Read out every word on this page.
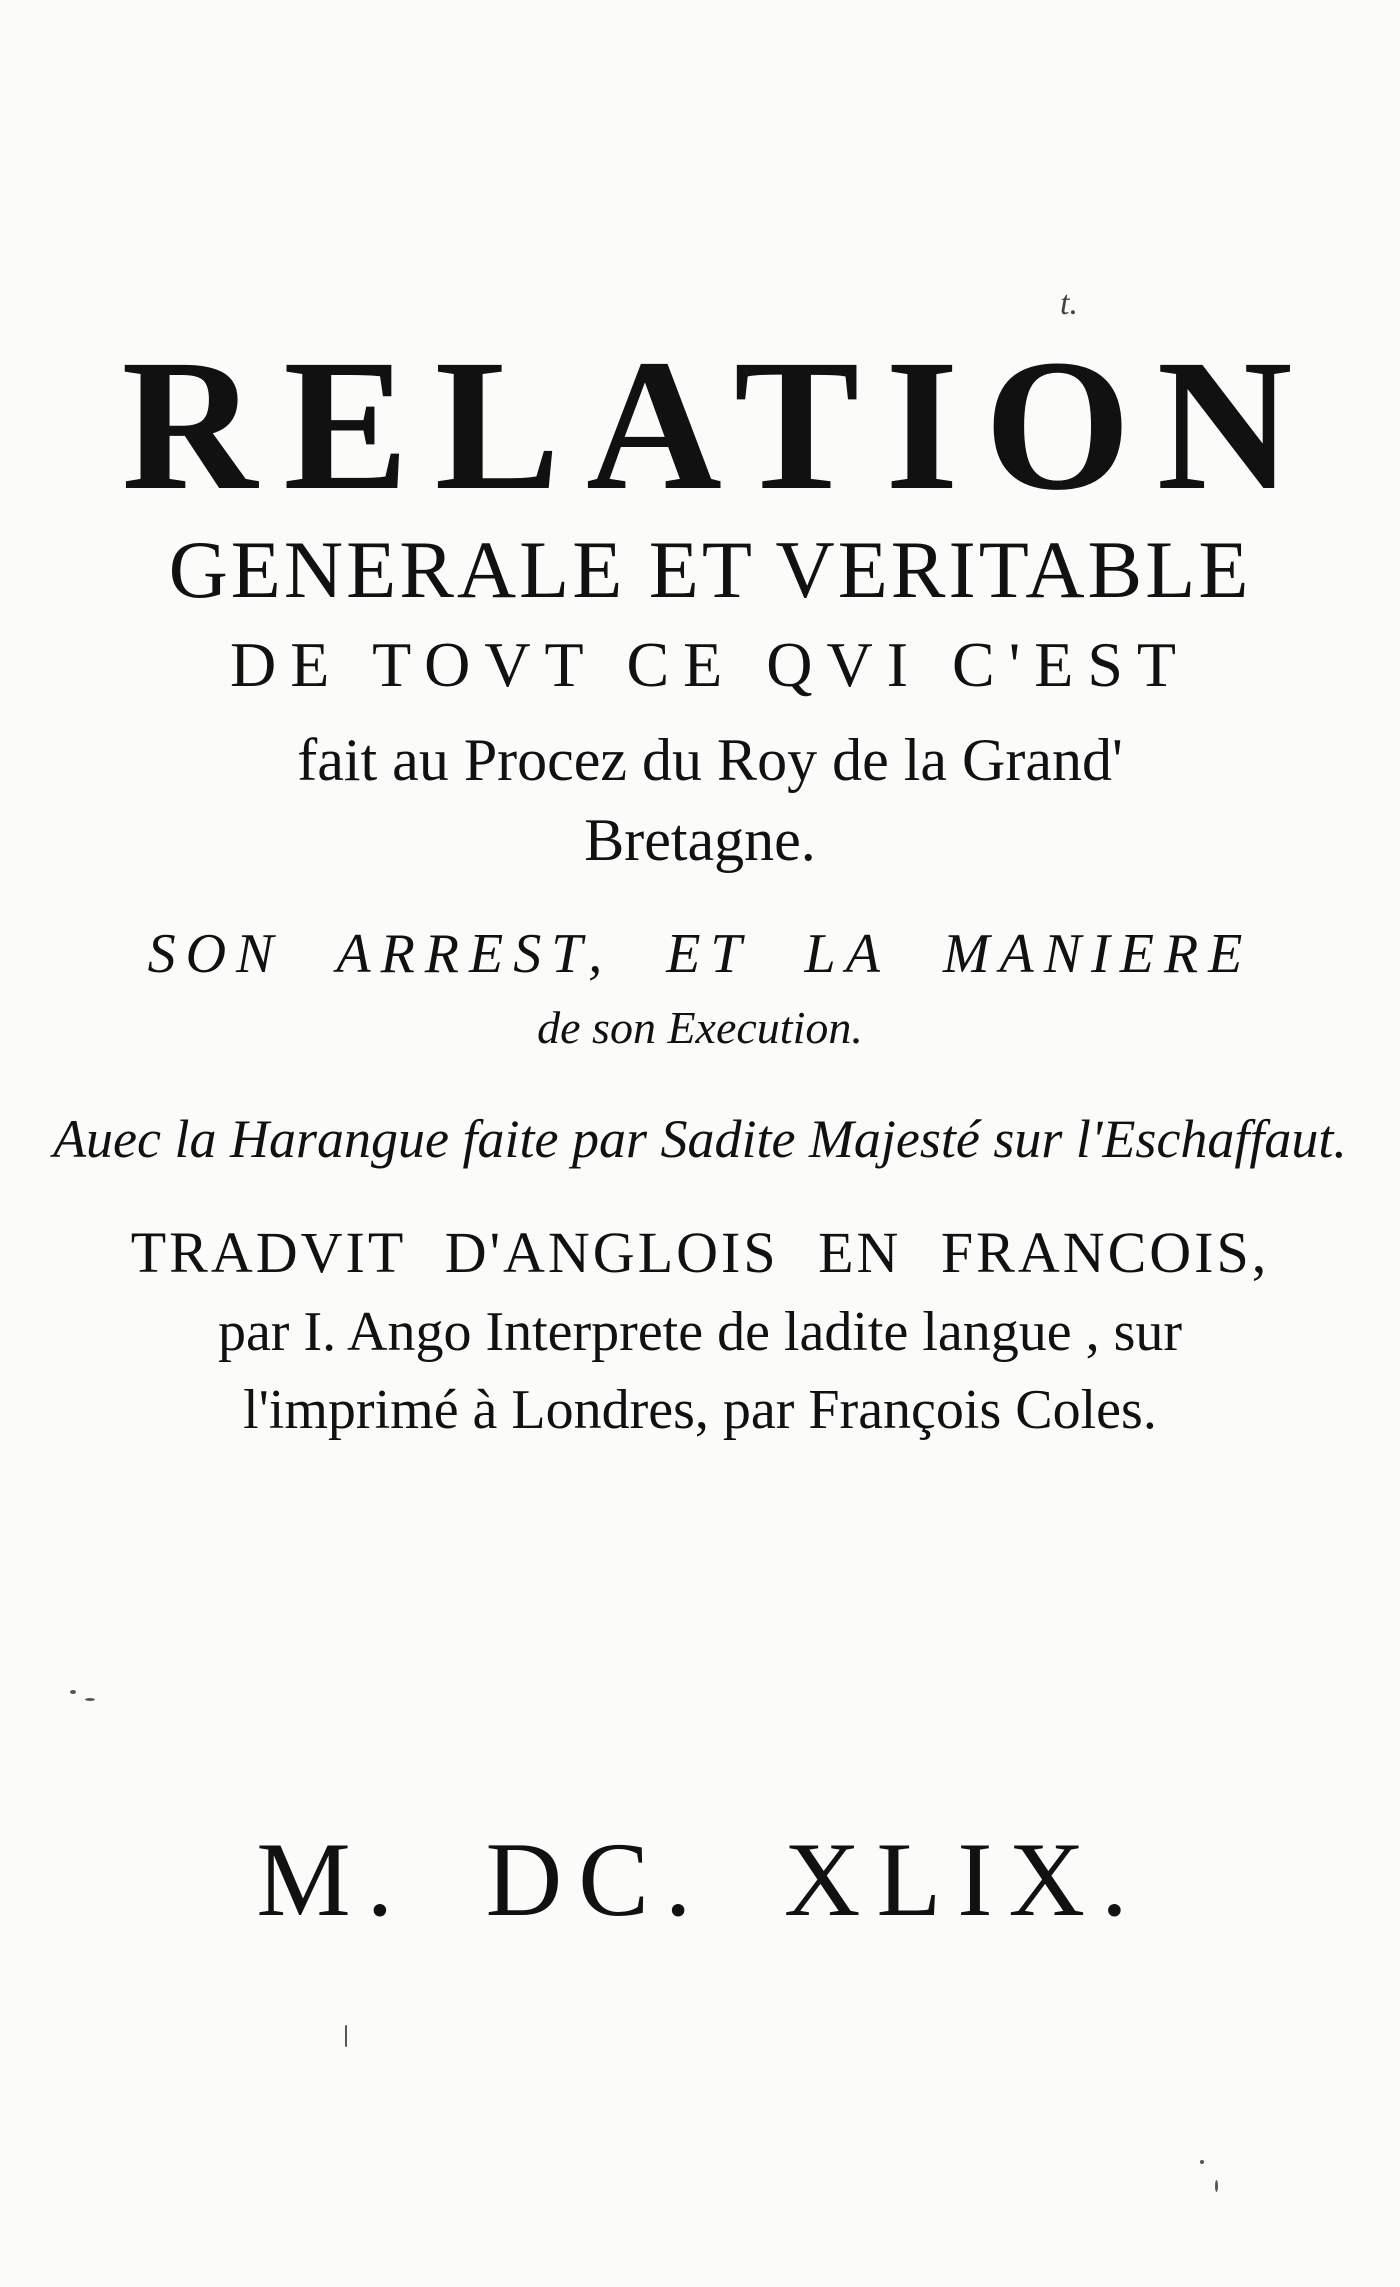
t.
RELATION
GENERALE ET VERITABLE
DE TOVT CE QVI C'EST
fait au Procez du Roy de la Grand'
Bretagne.
SON ARREST, ET LA MANIERE
de son Execution.
Auec la Harangue faite par Sadite Majesté sur l'Eschaffaut.
TRADVIT D'ANGLOIS EN FRANCOIS,
par I. Ango Interprete de ladite langue , sur
l'imprimé à Londres, par François Coles.
M. DC. XLIX.
